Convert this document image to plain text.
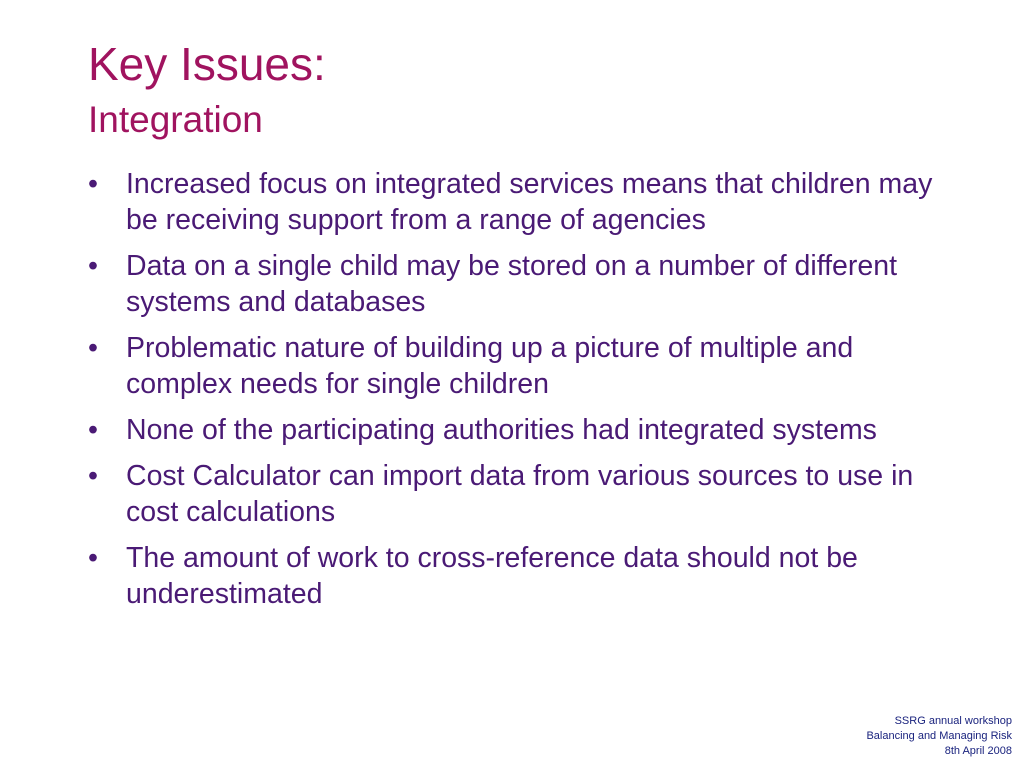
Key Issues:
Integration
• Increased focus on integrated services means that children may be receiving support from a range of agencies
• Data on a single child may be stored on a number of different systems and databases
• Problematic nature of building up a picture of multiple and complex needs for single children
• None of the participating authorities had integrated systems
• Cost Calculator can import data from various sources to use in cost calculations
• The amount of work to cross-reference data should not be underestimated
SSRG annual workshop
Balancing and Managing Risk
8th April 2008
